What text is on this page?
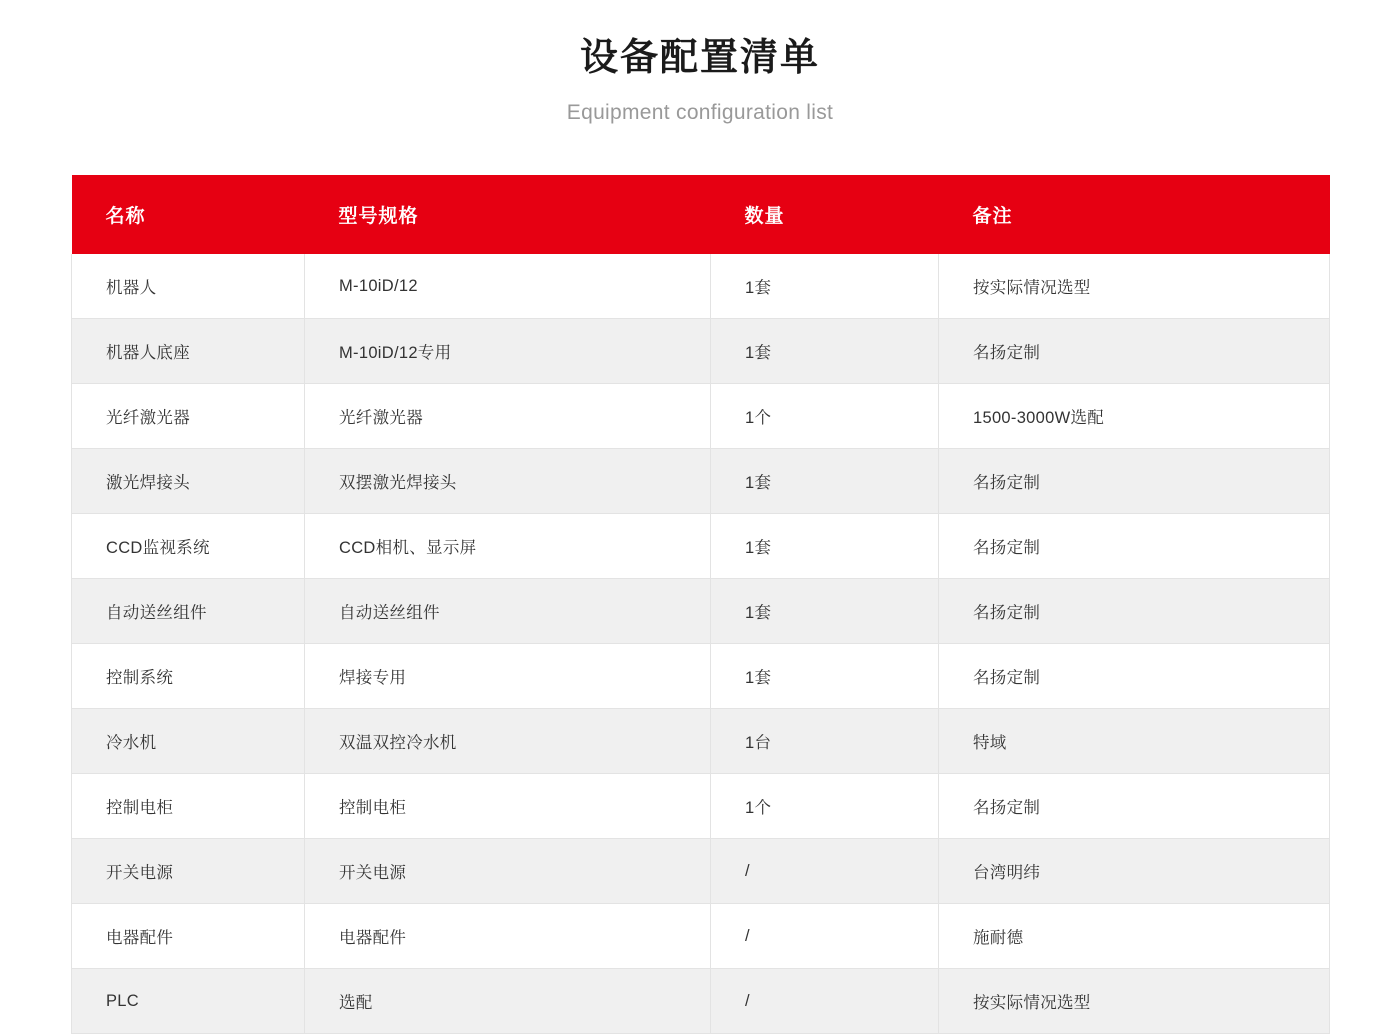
设备配置清单
Equipment configuration list
名称	型号规格	数量	备注
机器人	M-10iD/12	1套	按实际情况选型
机器人底座	M-10iD/12专用	1套	名扬定制
光纤激光器	光纤激光器	1个	1500-3000W选配
激光焊接头	双摆激光焊接头	1套	名扬定制
CCD监视系统	CCD相机、显示屏	1套	名扬定制
自动送丝组件	自动送丝组件	1套	名扬定制
控制系统	焊接专用	1套	名扬定制
冷水机	双温双控冷水机	1台	特域
控制电柜	控制电柜	1个	名扬定制
开关电源	开关电源	/	台湾明纬
电器配件	电器配件	/	施耐德
PLC	选配	/	按实际情况选型
